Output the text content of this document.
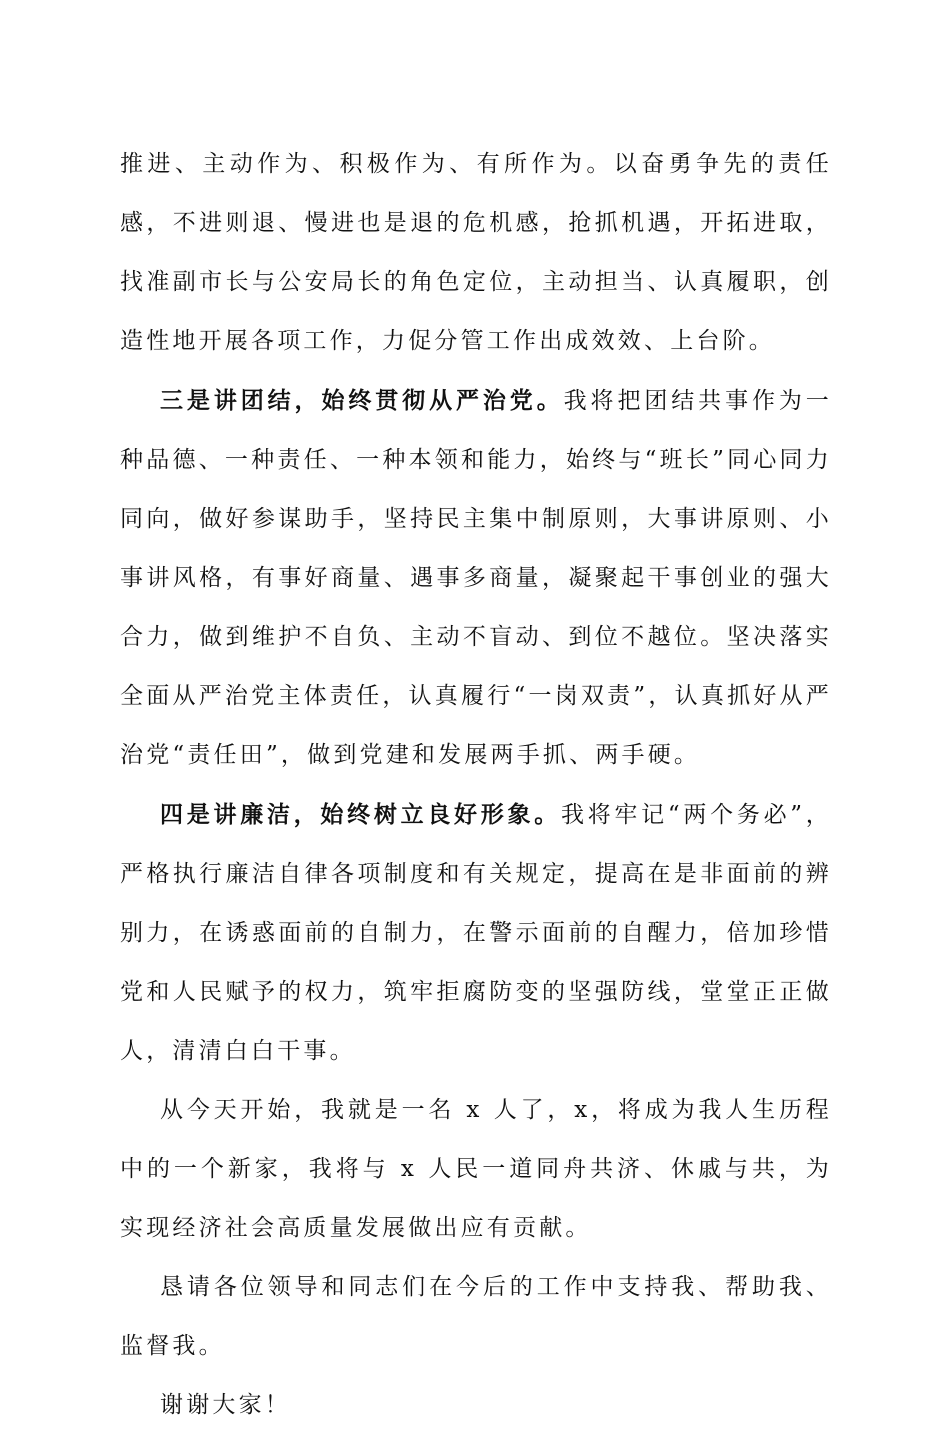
推进、主动作为、积极作为、有所作为。以奋勇争先的责任感，不进则退、慢进也是退的危机感，抢抓机遇，开拓进取，找准副市长与公安局长的角色定位，主动担当、认真履职，创造性地开展各项工作，力促分管工作出成效效、上台阶。

三是讲团结，始终贯彻从严治党。我将把团结共事作为一种品德、一种责任、一种本领和能力，始终与“班长”同心同力同向，做好参谋助手，坚持民主集中制原则，大事讲原则、小事讲风格，有事好商量、遇事多商量，凝聚起干事创业的强大合力，做到维护不自负、主动不盲动、到位不越位。坚决落实全面从严治党主体责任，认真履行“一岗双责”，认真抓好从严治党“责任田”，做到党建和发展两手抓、两手硬。

四是讲廉洁，始终树立良好形象。我将牢记“两个务必”，严格执行廉洁自律各项制度和有关规定，提高在是非面前的辨别力，在诱惑面前的自制力，在警示面前的自醒力，倍加珍惜党和人民赋予的权力，筑牢拒腐防变的坚强防线，堂堂正正做人，清清白白干事。

从今天开始，我就是一名 x 人了，x，将成为我人生历程中的一个新家，我将与 x 人民一道同舟共济、休戚与共，为实现经济社会高质量发展做出应有贡献。

恳请各位领导和同志们在今后的工作中支持我、帮助我、监督我。

谢谢大家！
